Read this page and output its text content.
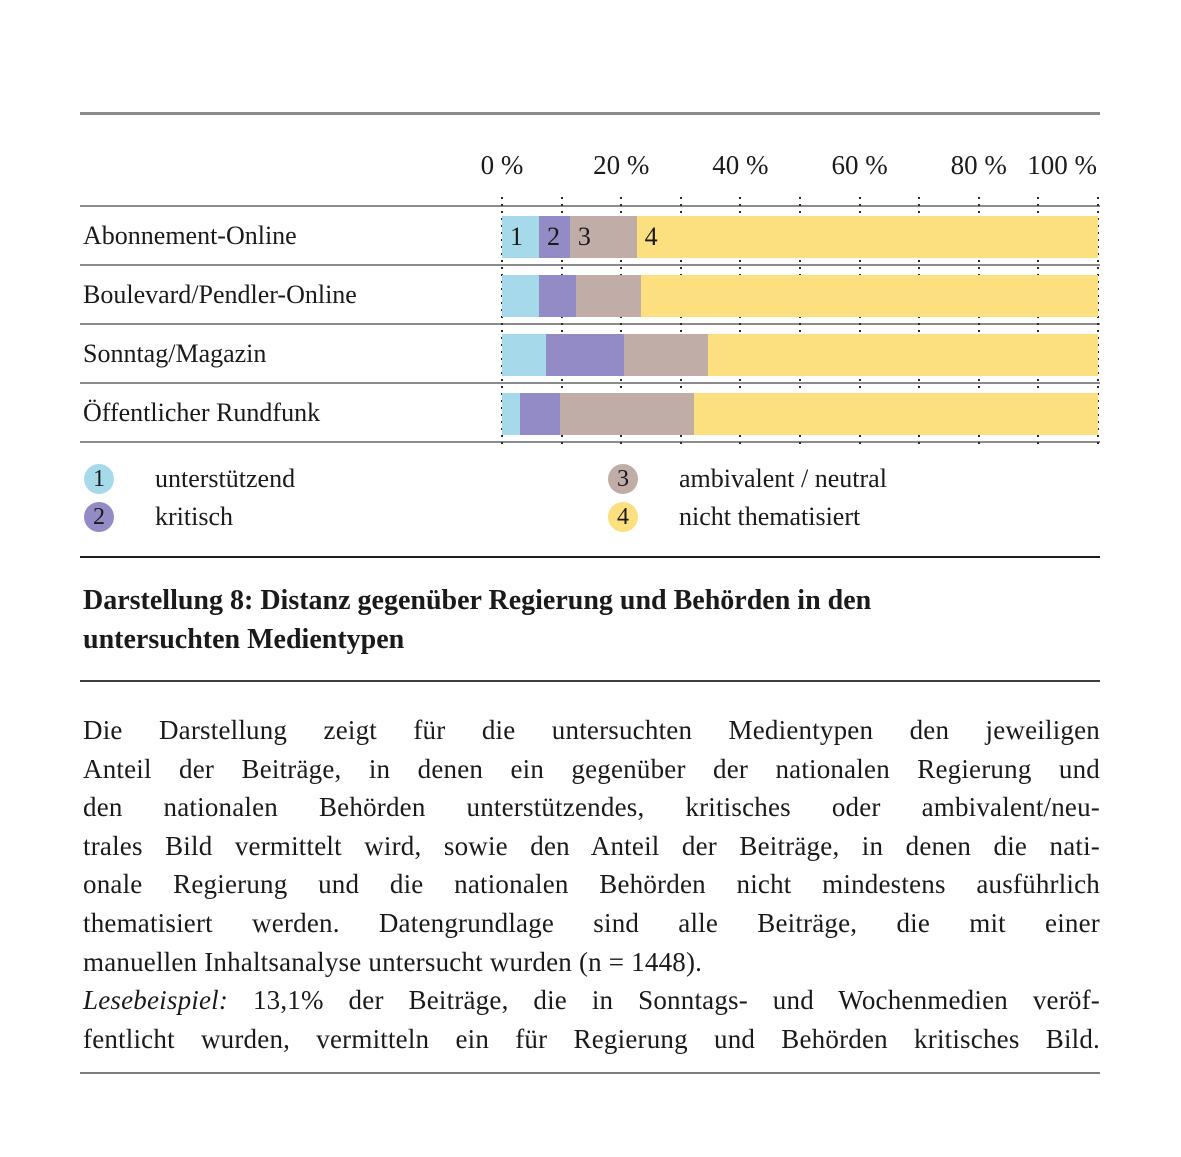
0 %	20 % 40 % 60 % 80 % 100 %
Abonnement-Online	1 2 3	4
Boulevard/Pendler-Online
Sonntag/Magazin
Öffentlicher Rundfunk
1	unterstützend
2	kritisch
3	ambivalent / neutral
4	nicht thematisiert
Darstellung 8: Distanz gegenüber Regierung und Behörden in den
untersuchten Medientypen
Die Darstellung zeigt für die untersuchten Medientypen den jeweiligen
Anteil der Beiträge, in denen ein gegenüber der nationalen Regierung und
den nationalen Behörden unterstützendes, kritisches oder ambivalent/neu-
trales Bild vermittelt wird, sowie den Anteil der Beiträge, in denen die nati-
onale Regierung und die nationalen Behörden nicht mindestens ausführlich
thematisiert werden. Datengrundlage sind alle Beiträge, die mit einer
manuellen Inhaltsanalyse untersucht wurden (n = 1448).
Lesebeispiel: 13,1% der Beiträge, die in Sonntags- und Wochenmedien veröf-
fentlicht wurden, vermitteln ein für Regierung und Behörden kritisches Bild.
